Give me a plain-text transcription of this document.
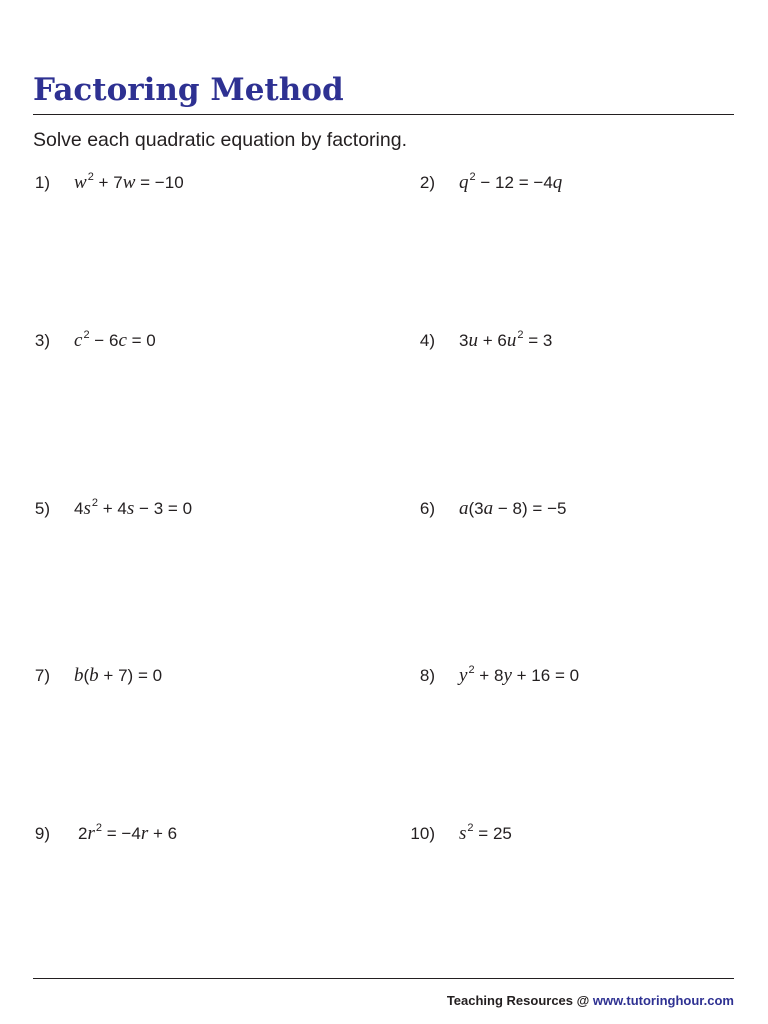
Factoring Method

Solve each quadratic equation by factoring.

1) $w^2 + 7w = -10$	2) $q^2 - 12 = -4q$
3) $c^2 - 6c = 0$	4) $3u + 6u^2 = 3$
5) $4s^2 + 4s - 3 = 0$	6) a(3a − 8) = −5
7) b(b + 7) = 0	8) $y^2 + 8y + 16 = 0$
9) $2r^2 = -4r + 6$	10) $s^2 = 25$
Teaching Resources @ www.tutoringhour.com
